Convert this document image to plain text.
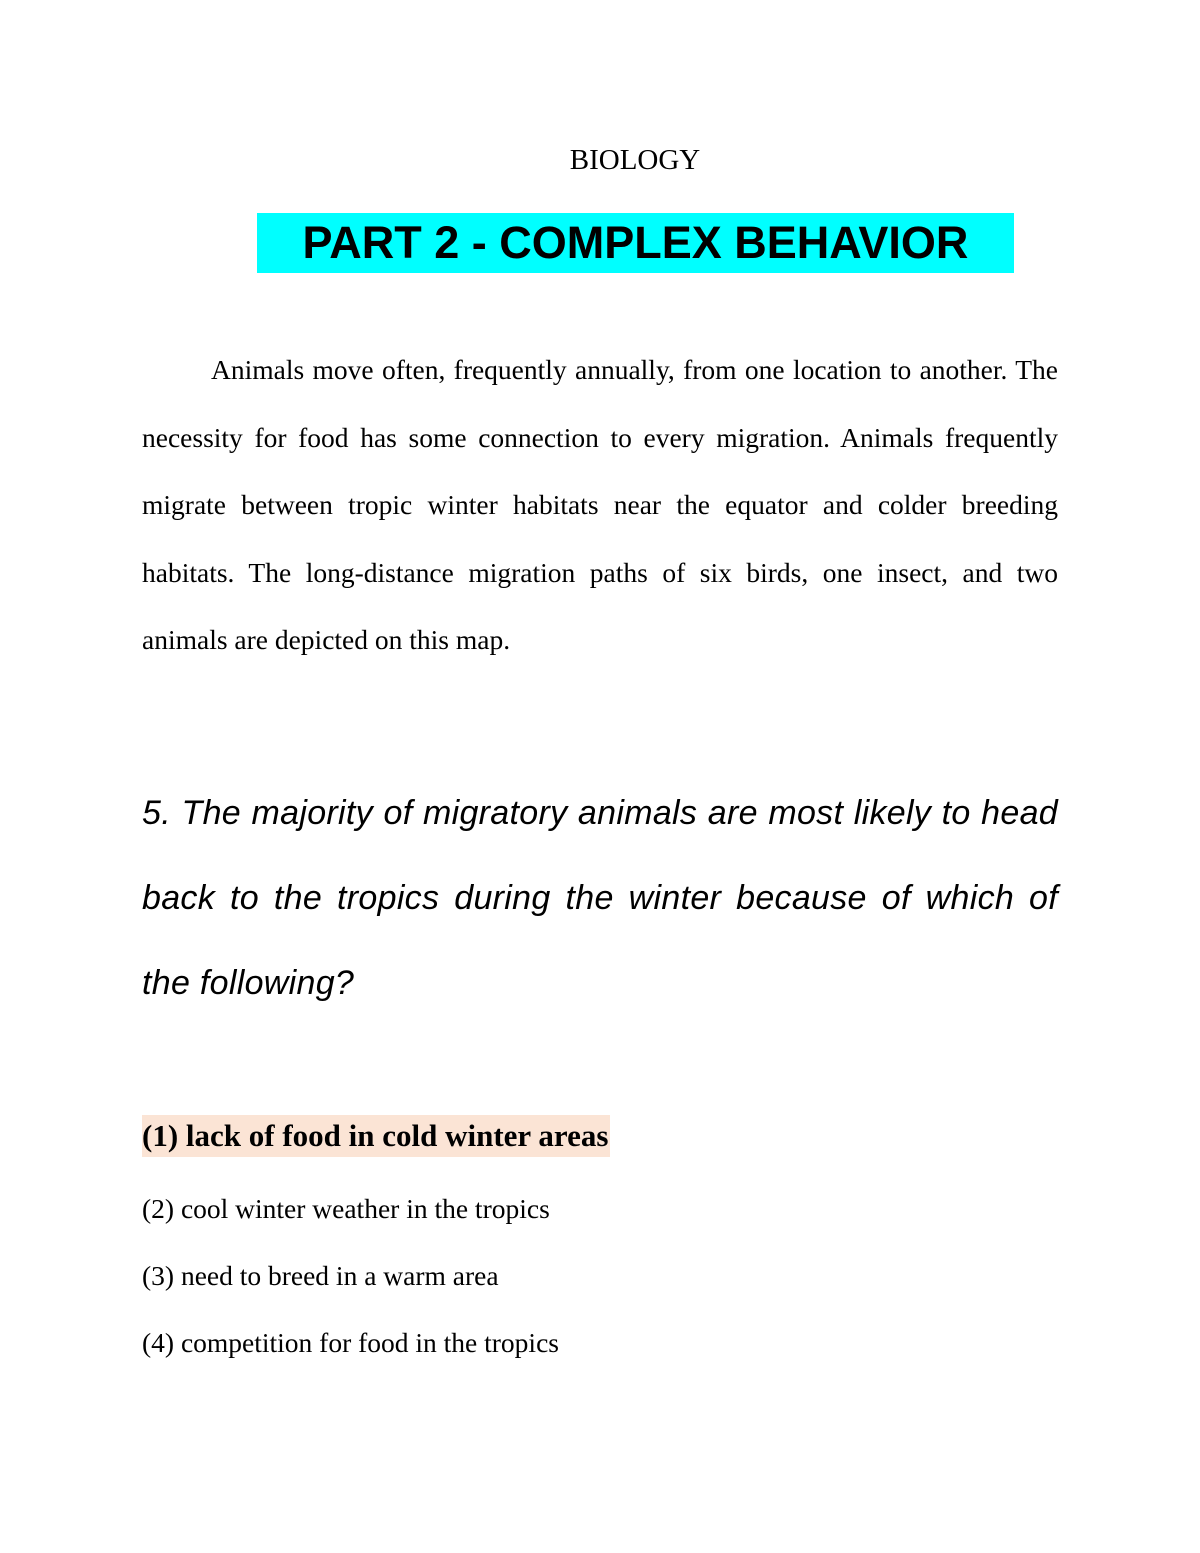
BIOLOGY
PART 2 - COMPLEX BEHAVIOR

Animals move often, frequently annually, from one location to another. The necessity for food has some connection to every migration. Animals frequently migrate between tropic winter habitats near the equator and colder breeding habitats. The long-distance migration paths of six birds, one insect, and two animals are depicted on this map.

5. The majority of migratory animals are most likely to head back to the tropics during the winter because of which of the following?

(1) lack of food in cold winter areas
(2) cool winter weather in the tropics
(3) need to breed in a warm area
(4) competition for food in the tropics
